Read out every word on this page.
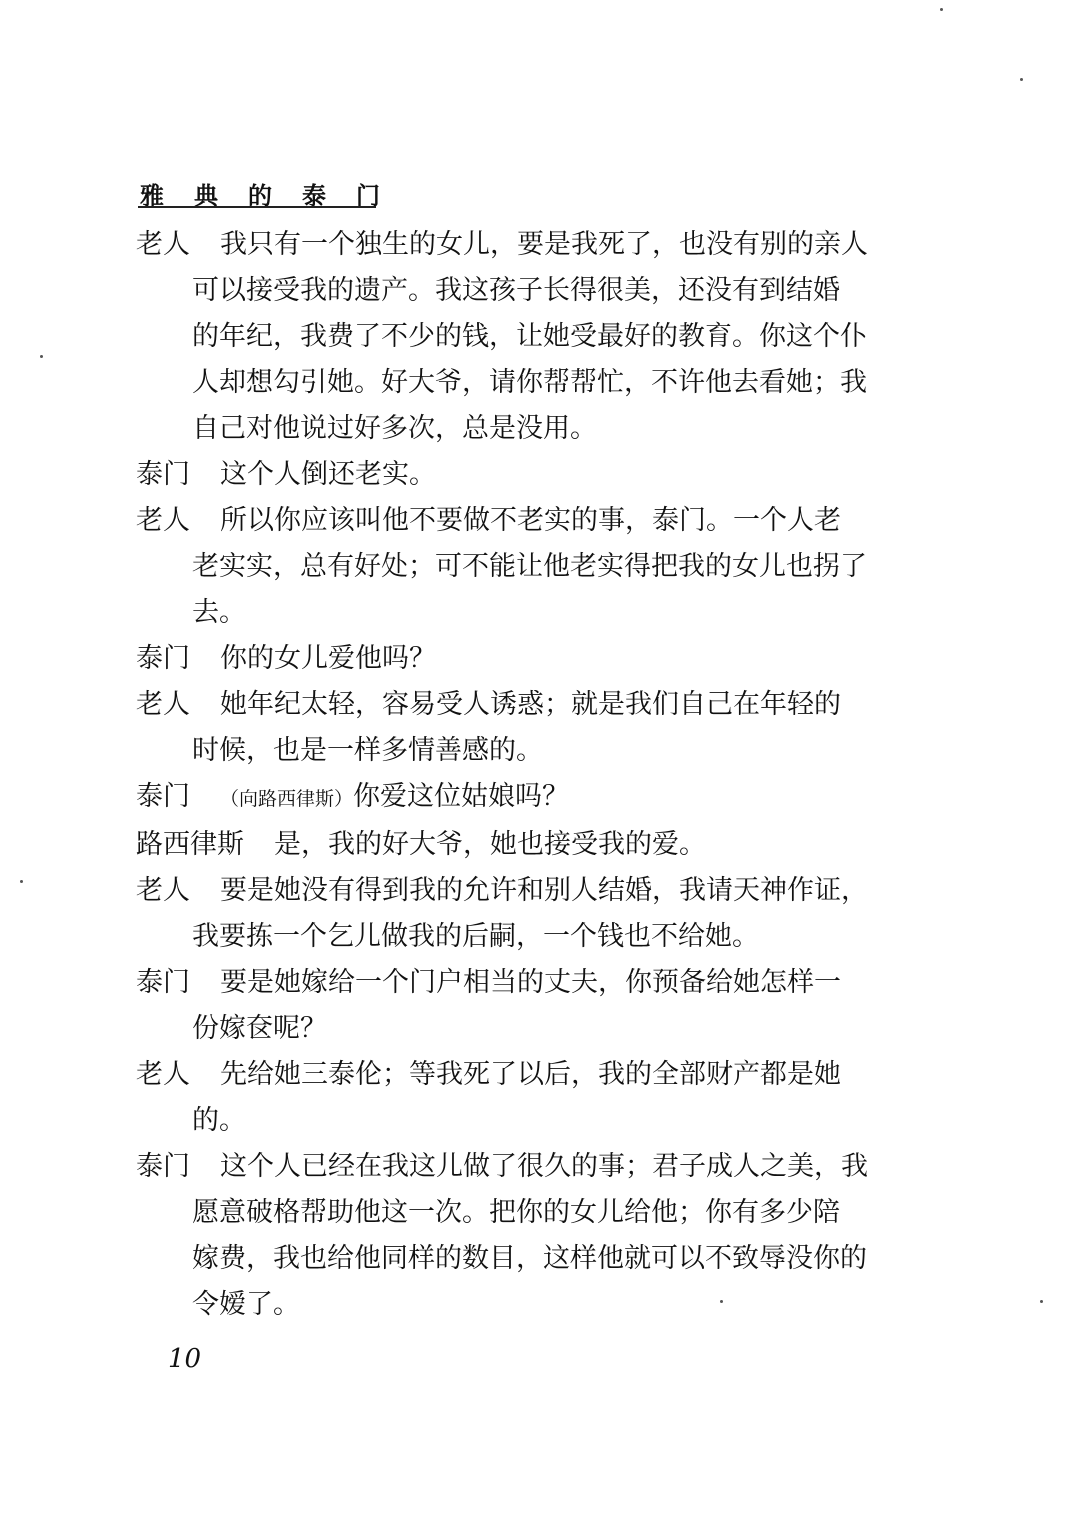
雅 典 的 泰 门
老人 我只有一个独生的女儿，要是我死了，也没有别的亲人
可以接受我的遗产。我这孩子长得很美，还没有到结婚
的年纪，我费了不少的钱，让她受最好的教育。你这个仆
人却想勾引她。好大爷，请你帮帮忙，不许他去看她；我
自己对他说过好多次，总是没用。
泰门 这个人倒还老实。
老人 所以你应该叫他不要做不老实的事，泰门。一个人老
老实实，总有好处；可不能让他老实得把我的女儿也拐了
去。
泰门 你的女儿爱他吗？
老人 她年纪太轻，容易受人诱惑；就是我们自己在年轻的
时候，也是一样多情善感的。
泰门 （向路西律斯）你爱这位姑娘吗？
路西律斯 是，我的好大爷，她也接受我的爱。
老人 要是她没有得到我的允许和别人结婚，我请天神作证，
我要拣一个乞儿做我的后嗣，一个钱也不给她。
泰门 要是她嫁给一个门户相当的丈夫，你预备给她怎样一
份嫁奁呢？
老人 先给她三泰伦；等我死了以后，我的全部财产都是她
的。
泰门 这个人已经在我这儿做了很久的事；君子成人之美，我
愿意破格帮助他这一次。把你的女儿给他；你有多少陪
嫁费，我也给他同样的数目，这样他就可以不致辱没你的
令嫒了。
10
